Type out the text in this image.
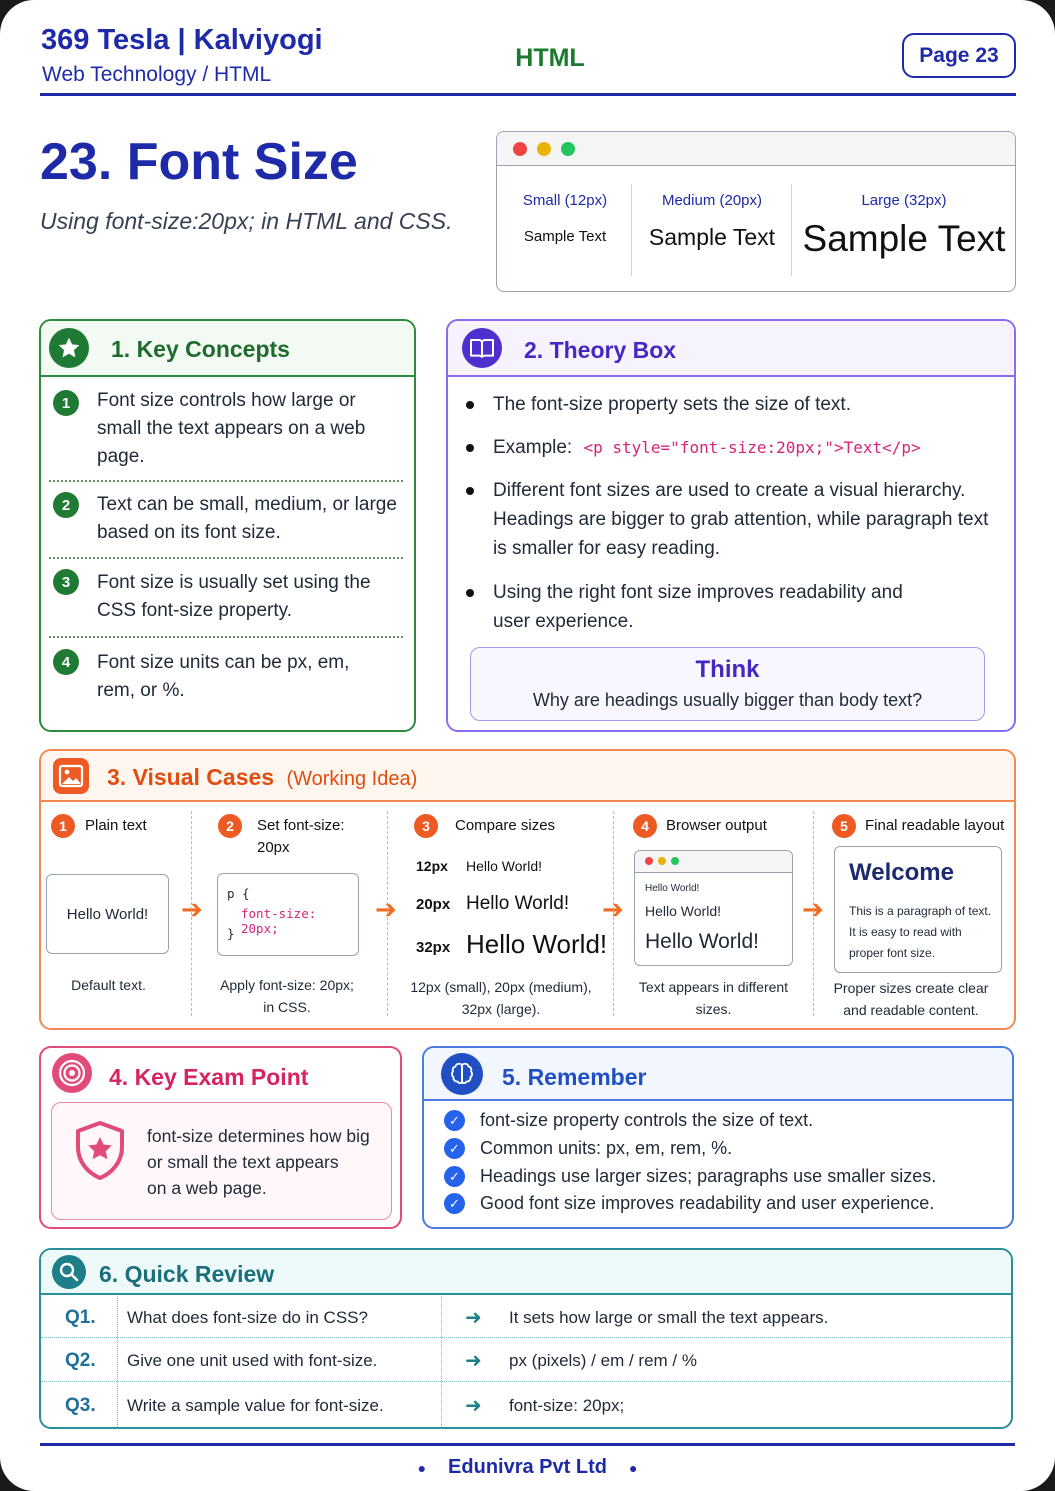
369 Tesla | Kalviyogi
Web Technology / HTML
HTML	Page 23
23. Font Size
Using font-size:20px; in HTML and CSS.
Small (12px)
Sample Text
Medium (20px)
Sample Text
Large (32px)
Sample Text
1. Key Concepts
1	Font size controls how large or small the text appears on a web page.
2	Text can be small, medium, or large based on its font size.
3	Font size is usually set using the CSS font-size property.
4	Font size units can be px, em, rem, or %.
2. Theory Box
The font-size property sets the size of text.
Example: <p style="font-size:20px;">Text</p>
Different font sizes are used to create a visual hierarchy. Headings are bigger to grab attention, while paragraph text is smaller for easy reading.
Using the right font size improves readability and user experience.
Think
Why are headings usually bigger than body text?
3. Visual Cases (Working Idea)
1	Plain text
Hello World!
Default text.
➔
2	Set font-size:
20px
p {
font-size: 20px;
}
Apply font-size: 20px;
in CSS.
➔
3	Compare sizes
12px Hello World!
20px Hello World!
32px Hello World!
12px (small), 20px (medium),
32px (large).
➔
4	Browser output
Hello World!
Hello World!
Hello World!
Text appears in different
sizes.
➔
5	Final readable layout
Welcome
This is a paragraph of text.
It is easy to read with
proper font size.
Proper sizes create clear
and readable content.
4. Key Exam Point
font-size determines how big
or small the text appears
on a web page.
5. Remember
✓ font-size property controls the size of text.
✓ Common units: px, em, rem, %.
✓ Headings use larger sizes; paragraphs use smaller sizes.
✓ Good font size improves readability and user experience.
6. Quick Review
Q1. What does font-size do in CSS?	➜ It sets how large or small the text appears.
Q2. Give one unit used with font-size.	➜ px (pixels) / em / rem / %
Q3. Write a sample value for font-size.	➜ font-size: 20px;
● Edunivra Pvt Ltd ●
